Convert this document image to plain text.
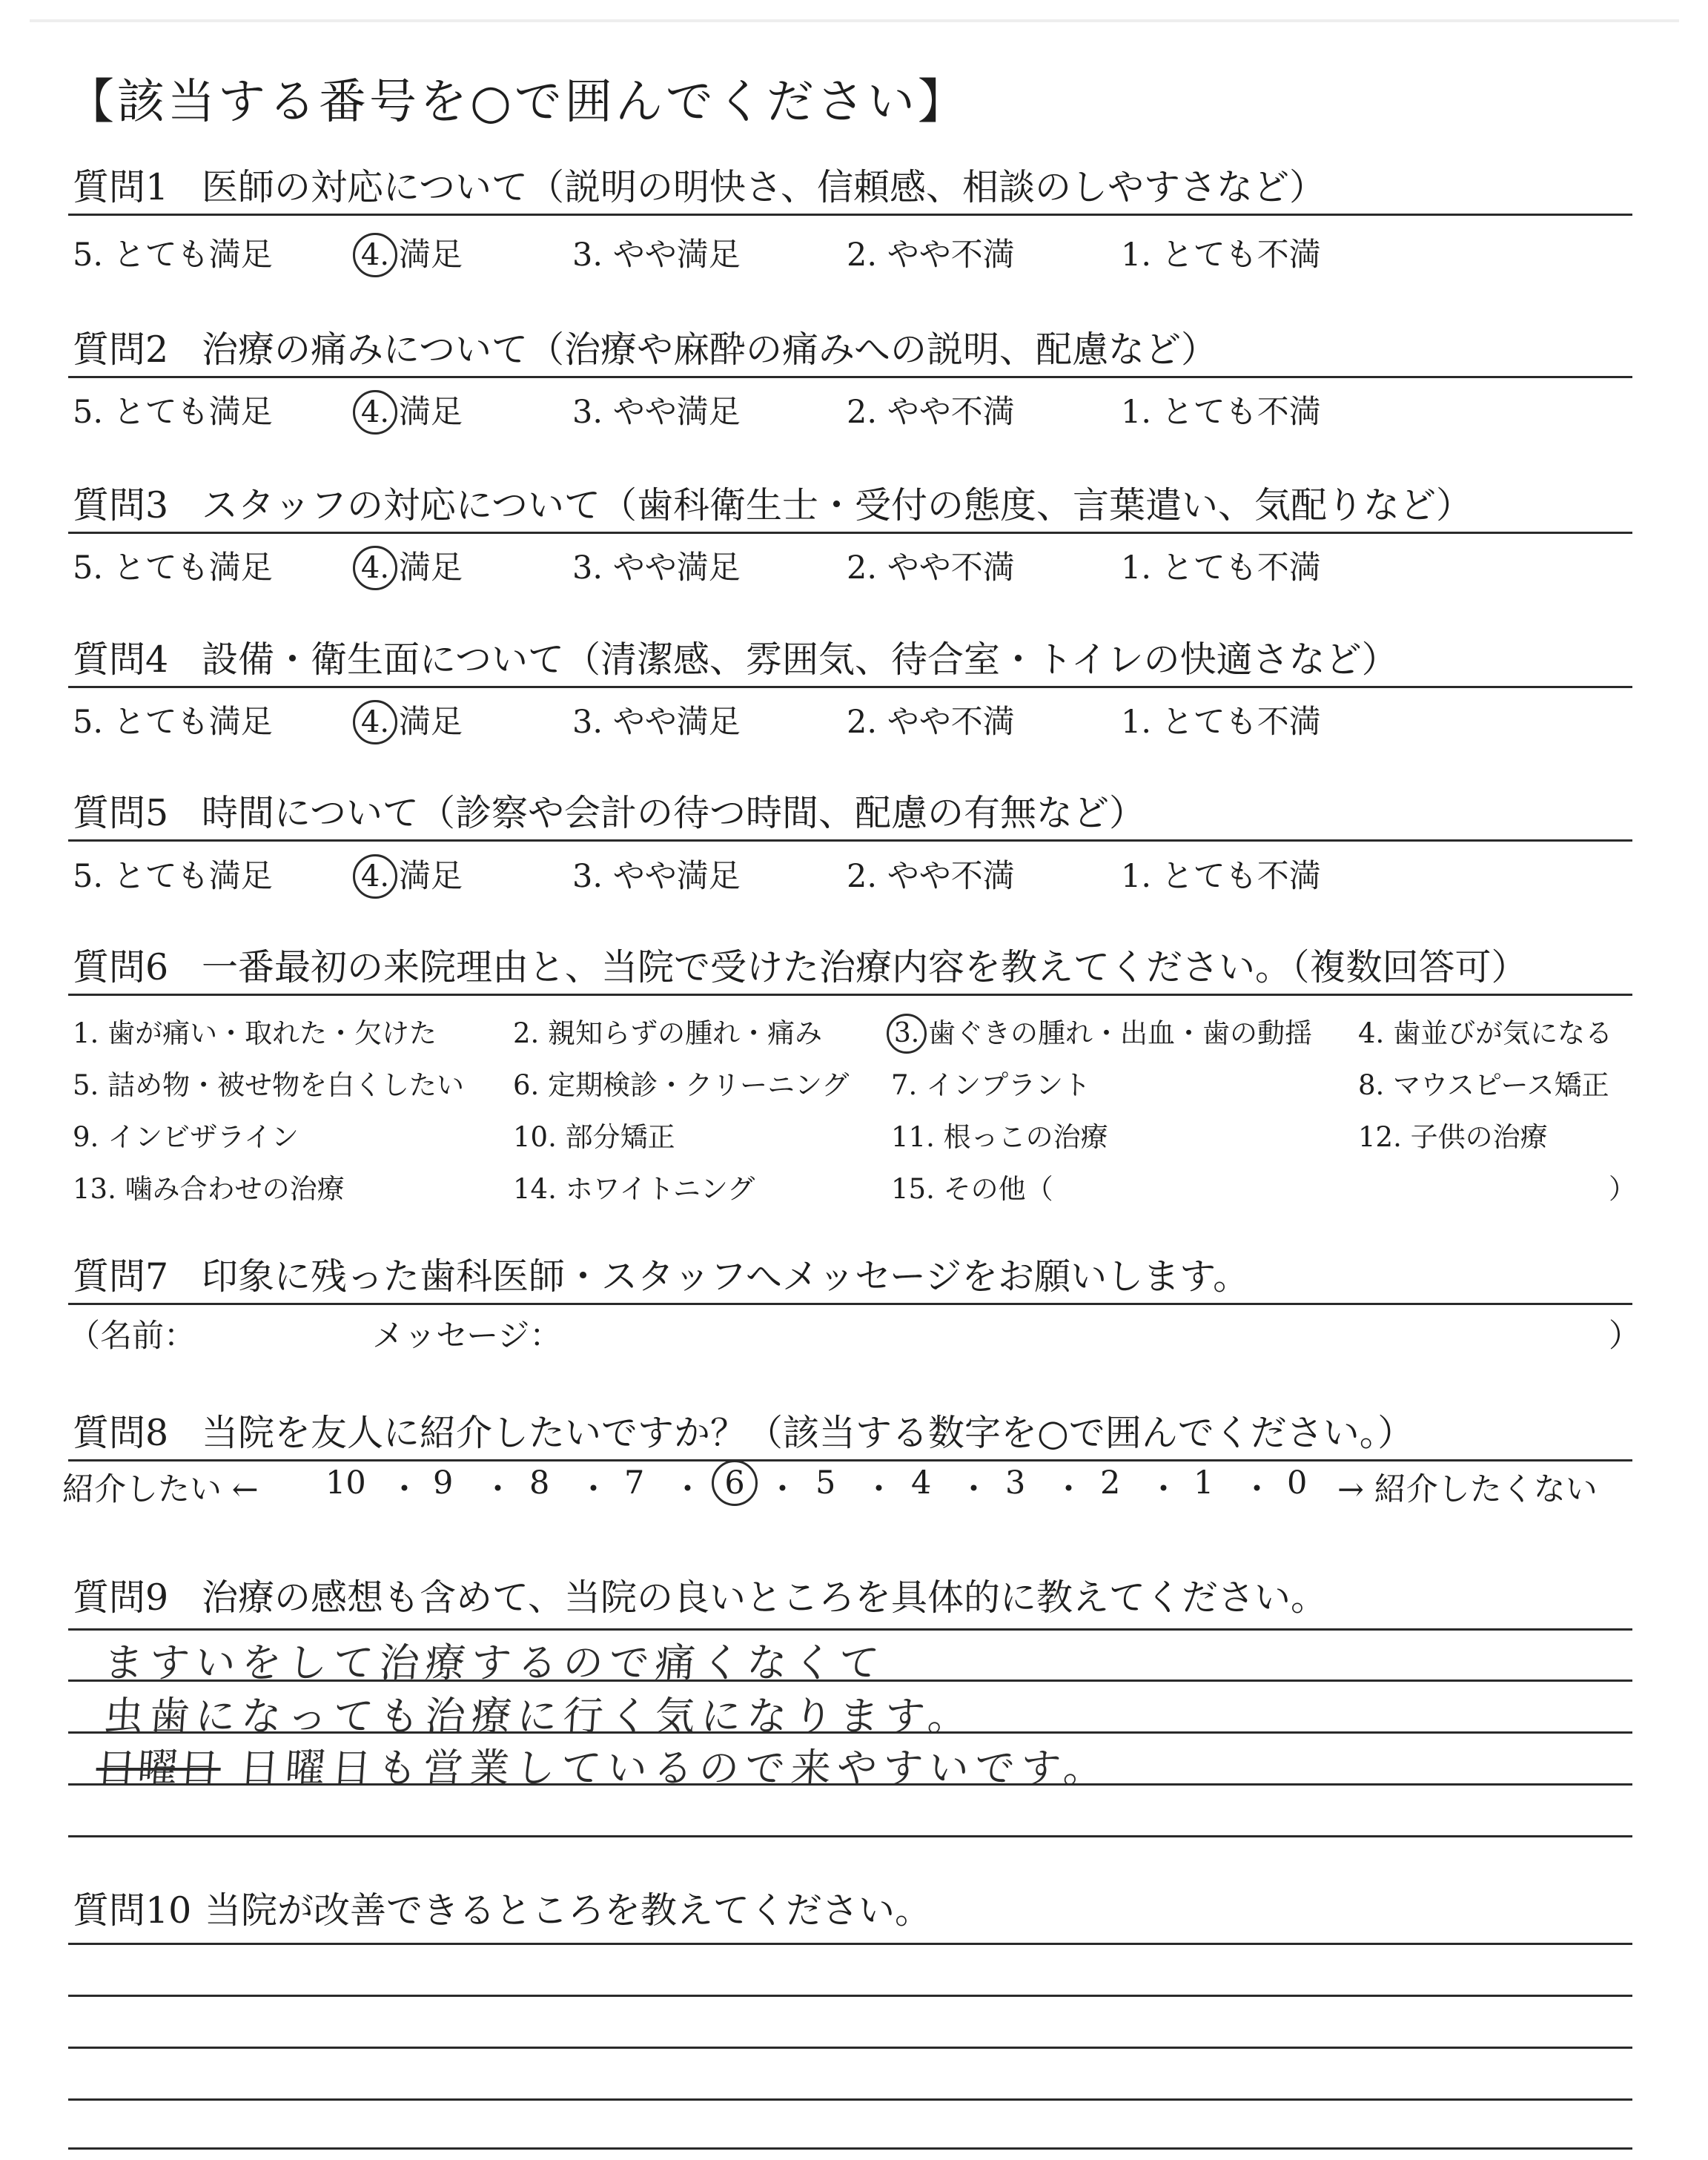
【該当する番号を○で囲んでください】
質問1 医師の対応について（説明の明快さ、信頼感、相談のしやすさなど）
5. とても満足	4. 満足	3. やや満足	2. やや不満	1. とても不満
質問2 治療の痛みについて（治療や麻酔の痛みへの説明、配慮など）
5. とても満足	4. 満足	3. やや満足	2. やや不満	1. とても不満
質問3 スタッフの対応について（歯科衛生士・受付の態度、言葉遣い、気配りなど）
5. とても満足	4. 満足	3. やや満足	2. やや不満	1. とても不満
質問4 設備・衛生面について（清潔感、雰囲気、待合室・トイレの快適さなど）
5. とても満足	4. 満足	3. やや満足	2. やや不満	1. とても不満
質問5 時間について（診察や会計の待つ時間、配慮の有無など）
5. とても満足	4. 満足	3. やや満足	2. やや不満	1. とても不満
質問6 一番最初の来院理由と、当院で受けた治療内容を教えてください。（複数回答可）
1. 歯が痛い・取れた・欠けた	2. 親知らずの腫れ・痛み	3. 歯ぐきの腫れ・出血・歯の動揺 4. 歯並びが気になる
5. 詰め物・被せ物を白くしたい 6. 定期検診・クリーニング 7. インプラント	8. マウスピース矯正
9. インビザライン	10. 部分矯正	11. 根っこの治療	12. 子供の治療
13. 噛み合わせの治療	14. ホワイトニング	15. その他（	）
質問7 印象に残った歯科医師・スタッフへメッセージをお願いします。
（名前：	メッセージ：	）
質問8 当院を友人に紹介したいですか？（該当する数字を○で囲んでください。）
紹介したい ← 10 ・ 9 ・ 8 ・ 7 ・ 6 ・ 5 ・ 4 ・ 3 ・ 2 ・ 1 ・ 0 → 紹介したくない
質問9 治療の感想も含めて、当院の良いところを具体的に教えてください。
ますいをして治療するので痛くなくて
虫歯になっても治療に行く気になります。
日曜日 日曜日も営業しているので来やすいです。
質問10 当院が改善できるところを教えてください。
